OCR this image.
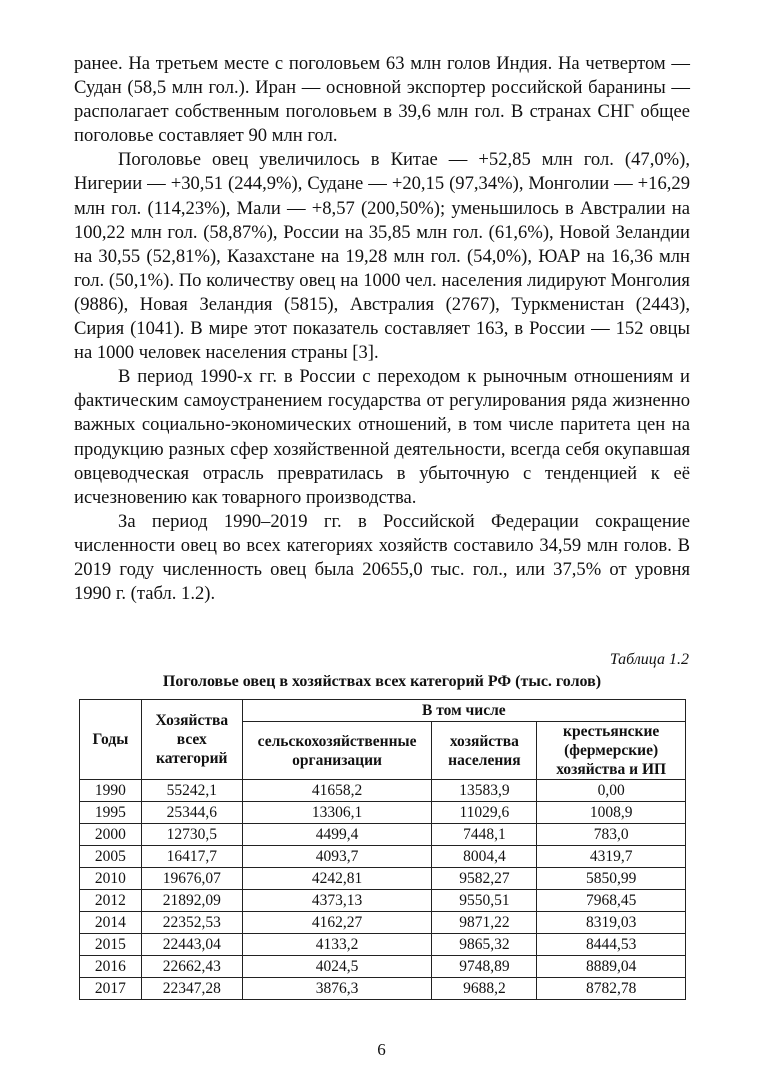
ранее. На третьем месте с поголовьем 63 млн голов Индия. На четвертом — Судан (58,5 млн гол.). Иран — основной экспортер российской баранины — располагает собственным поголовьем в 39,6 млн гол. В странах СНГ общее поголовье составляет 90 млн гол.

Поголовье овец увеличилось в Китае — +52,85 млн гол. (47,0%), Нигерии — +30,51 (244,9%), Судане — +20,15 (97,34%), Монголии — +16,29 млн гол. (114,23%), Мали — +8,57 (200,50%); уменьшилось в Австралии на 100,22 млн гол. (58,87%), России на 35,85 млн гол. (61,6%), Новой Зеландии на 30,55 (52,81%), Казахстане на 19,28 млн гол. (54,0%), ЮАР на 16,36 млн гол. (50,1%). По количеству овец на 1000 чел. населения лидируют Монголия (9886), Новая Зеландия (5815), Австралия (2767), Туркменистан (2443), Сирия (1041). В мире этот показатель составляет 163, в России — 152 овцы на 1000 человек населения страны [3].

В период 1990-х гг. в России с переходом к рыночным отношениям и фактическим самоустранением государства от регулирования ряда жизненно важных социально-экономических отношений, в том числе паритета цен на продукцию разных сфер хозяйственной деятельности, всегда себя окупавшая овцеводческая отрасль превратилась в убыточную с тенденцией к её исчезновению как товарного производства.

За период 1990–2019 гг. в Российской Федерации сокращение численности овец во всех категориях хозяйств составило 34,59 млн голов. В 2019 году численность овец была 20655,0 тыс. гол., или 37,5% от уровня 1990 г. (табл. 1.2).

Таблица 1.2
Поголовье овец в хозяйствах всех категорий РФ (тыс. голов)
Годы	Хозяйства всех категорий	В том числе		
		сельскохозяйственные организации	хозяйства населения	крестьянские (фермерские) хозяйства и ИП
1990	55242,1	41658,2	13583,9	0,00
1995	25344,6	13306,1	11029,6	1008,9
2000	12730,5	4499,4	7448,1	783,0
2005	16417,7	4093,7	8004,4	4319,7
2010	19676,07	4242,81	9582,27	5850,99
2012	21892,09	4373,13	9550,51	7968,45
2014	22352,53	4162,27	9871,22	8319,03
2015	22443,04	4133,2	9865,32	8444,53
2016	22662,43	4024,5	9748,89	8889,04
2017	22347,28	3876,3	9688,2	8782,78
6
